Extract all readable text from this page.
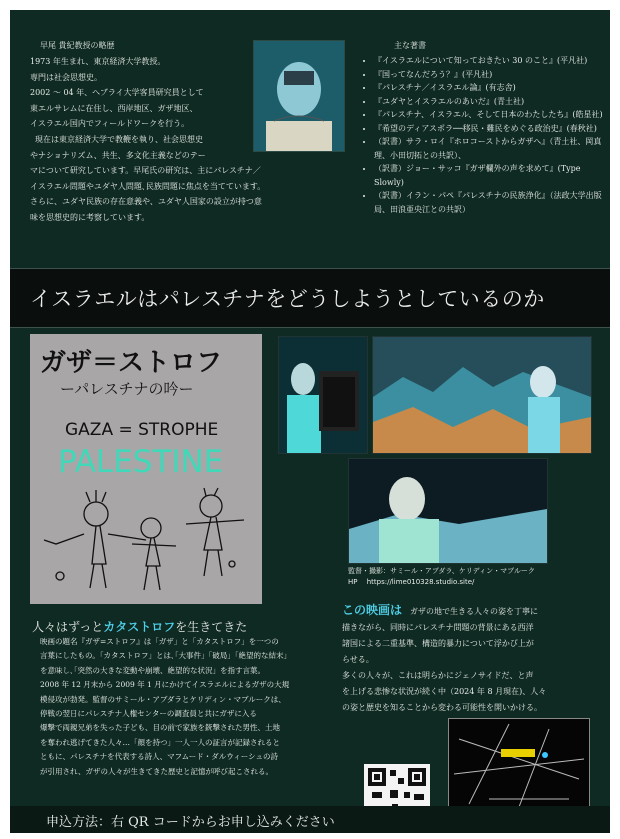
早尾 貴紀教授の略歴

1973 年生まれ、東京経済大学教授。

専門は社会思想史。

2002 ～ 04 年、ヘブライ大学客員研究員として

東エルサレムに在住し、西岸地区、ガザ地区、

イスラエル国内でフィールドワークを行う。

現在は東京経済大学で教鞭を執り、社会思想史

やナショナリズム、共生、多文化主義などのテー

マについて研究しています。早尾氏の研究は、主にパレスチナ／

イスラエル問題やユダヤ人問題､民族問題に焦点を当てています。

さらに、ユダヤ民族の存在意義や、ユダヤ人国家の設立が持つ意

味を思想史的に考察しています。

主な著書
• 『イスラエルについて知っておきたい 30 のこと』(平凡社)
• 『国ってなんだろう？』(平凡社)
• 『パレスチナ／イスラエル論』(有志舎)
• 『ユダヤとイスラエルのあいだ』(青土社)
• 『パレスチナ、イスラエル、そして日本のわたしたち』(皓星社)
• 『希望のディアスポラ──移民・難民をめぐる政治史』(春秋社)
• （訳書）サラ・ロイ『ホロコーストからガザへ』（青土社、岡真理、小田切拓との共訳）、
• （訳書）ジョー・サッコ『ガザ欄外の声を求めて』(Type Slowly)
• （訳書）イラン・パペ『パレスチナの民族浄化』（法政大学出版局、田浪亜央江との共訳）
イスラエルはパレスチナをどうしようとしているのか
ガザ＝ストロフ
ーパレスチナの吟ー
GAZA = STROPHE
PALESTINE
監督・撮影：サミール・アブダラ、ケリディン・マブルーク
HP　 https://lime010328.studio.site/
人々はずっとカタストロフを生きてきた

映画の題名『ガザ=ストロフ』は「ガザ」と「カタストロフ」を一つの

言葉にしたもの。「カタストロフ」とは､｢大事件｣「破局」｢絶望的な結末｣

を意味し､｢突然の大きな変動や崩壊、絶望的な状況」を指す言葉。

2008 年 12 月末から 2009 年 1 月にかけてイスラエルによるガザの大規

模侵攻が勃発。監督のサミール・アブダラとケリディン・マブルークは、

停戦の翌日にパレスチナ人権センターの調査員と共にガザに入る

爆撃で両親兄弟を失った子ども、目の前で家族を銃撃された男性、土地

を奪われ逃げてきた人々…「顔を持つ」一人一人の証言が記録されると

ともに、パレスチナを代表する詩人、マフムード・ダルウィーシュの詩

が引用され、ガザの人々が生きてきた歴史と記憶が呼び起こされる。

この映画は　 ガザの地で生きる人々の姿を丁寧に

描きながら、同時にパレスチナ問題の背景にある西洋

諸国による二重基準、構造的暴力について浮かび上が

らせる。

多くの人々が、これは明らかにジェノサイドだ、と声

を上げる悲惨な状況が続く中（2024 年 8 月現在)、人々

の姿と歴史を知ることから変わる可能性を開いかける。

申込方法：右 QR コードからお申し込みください
